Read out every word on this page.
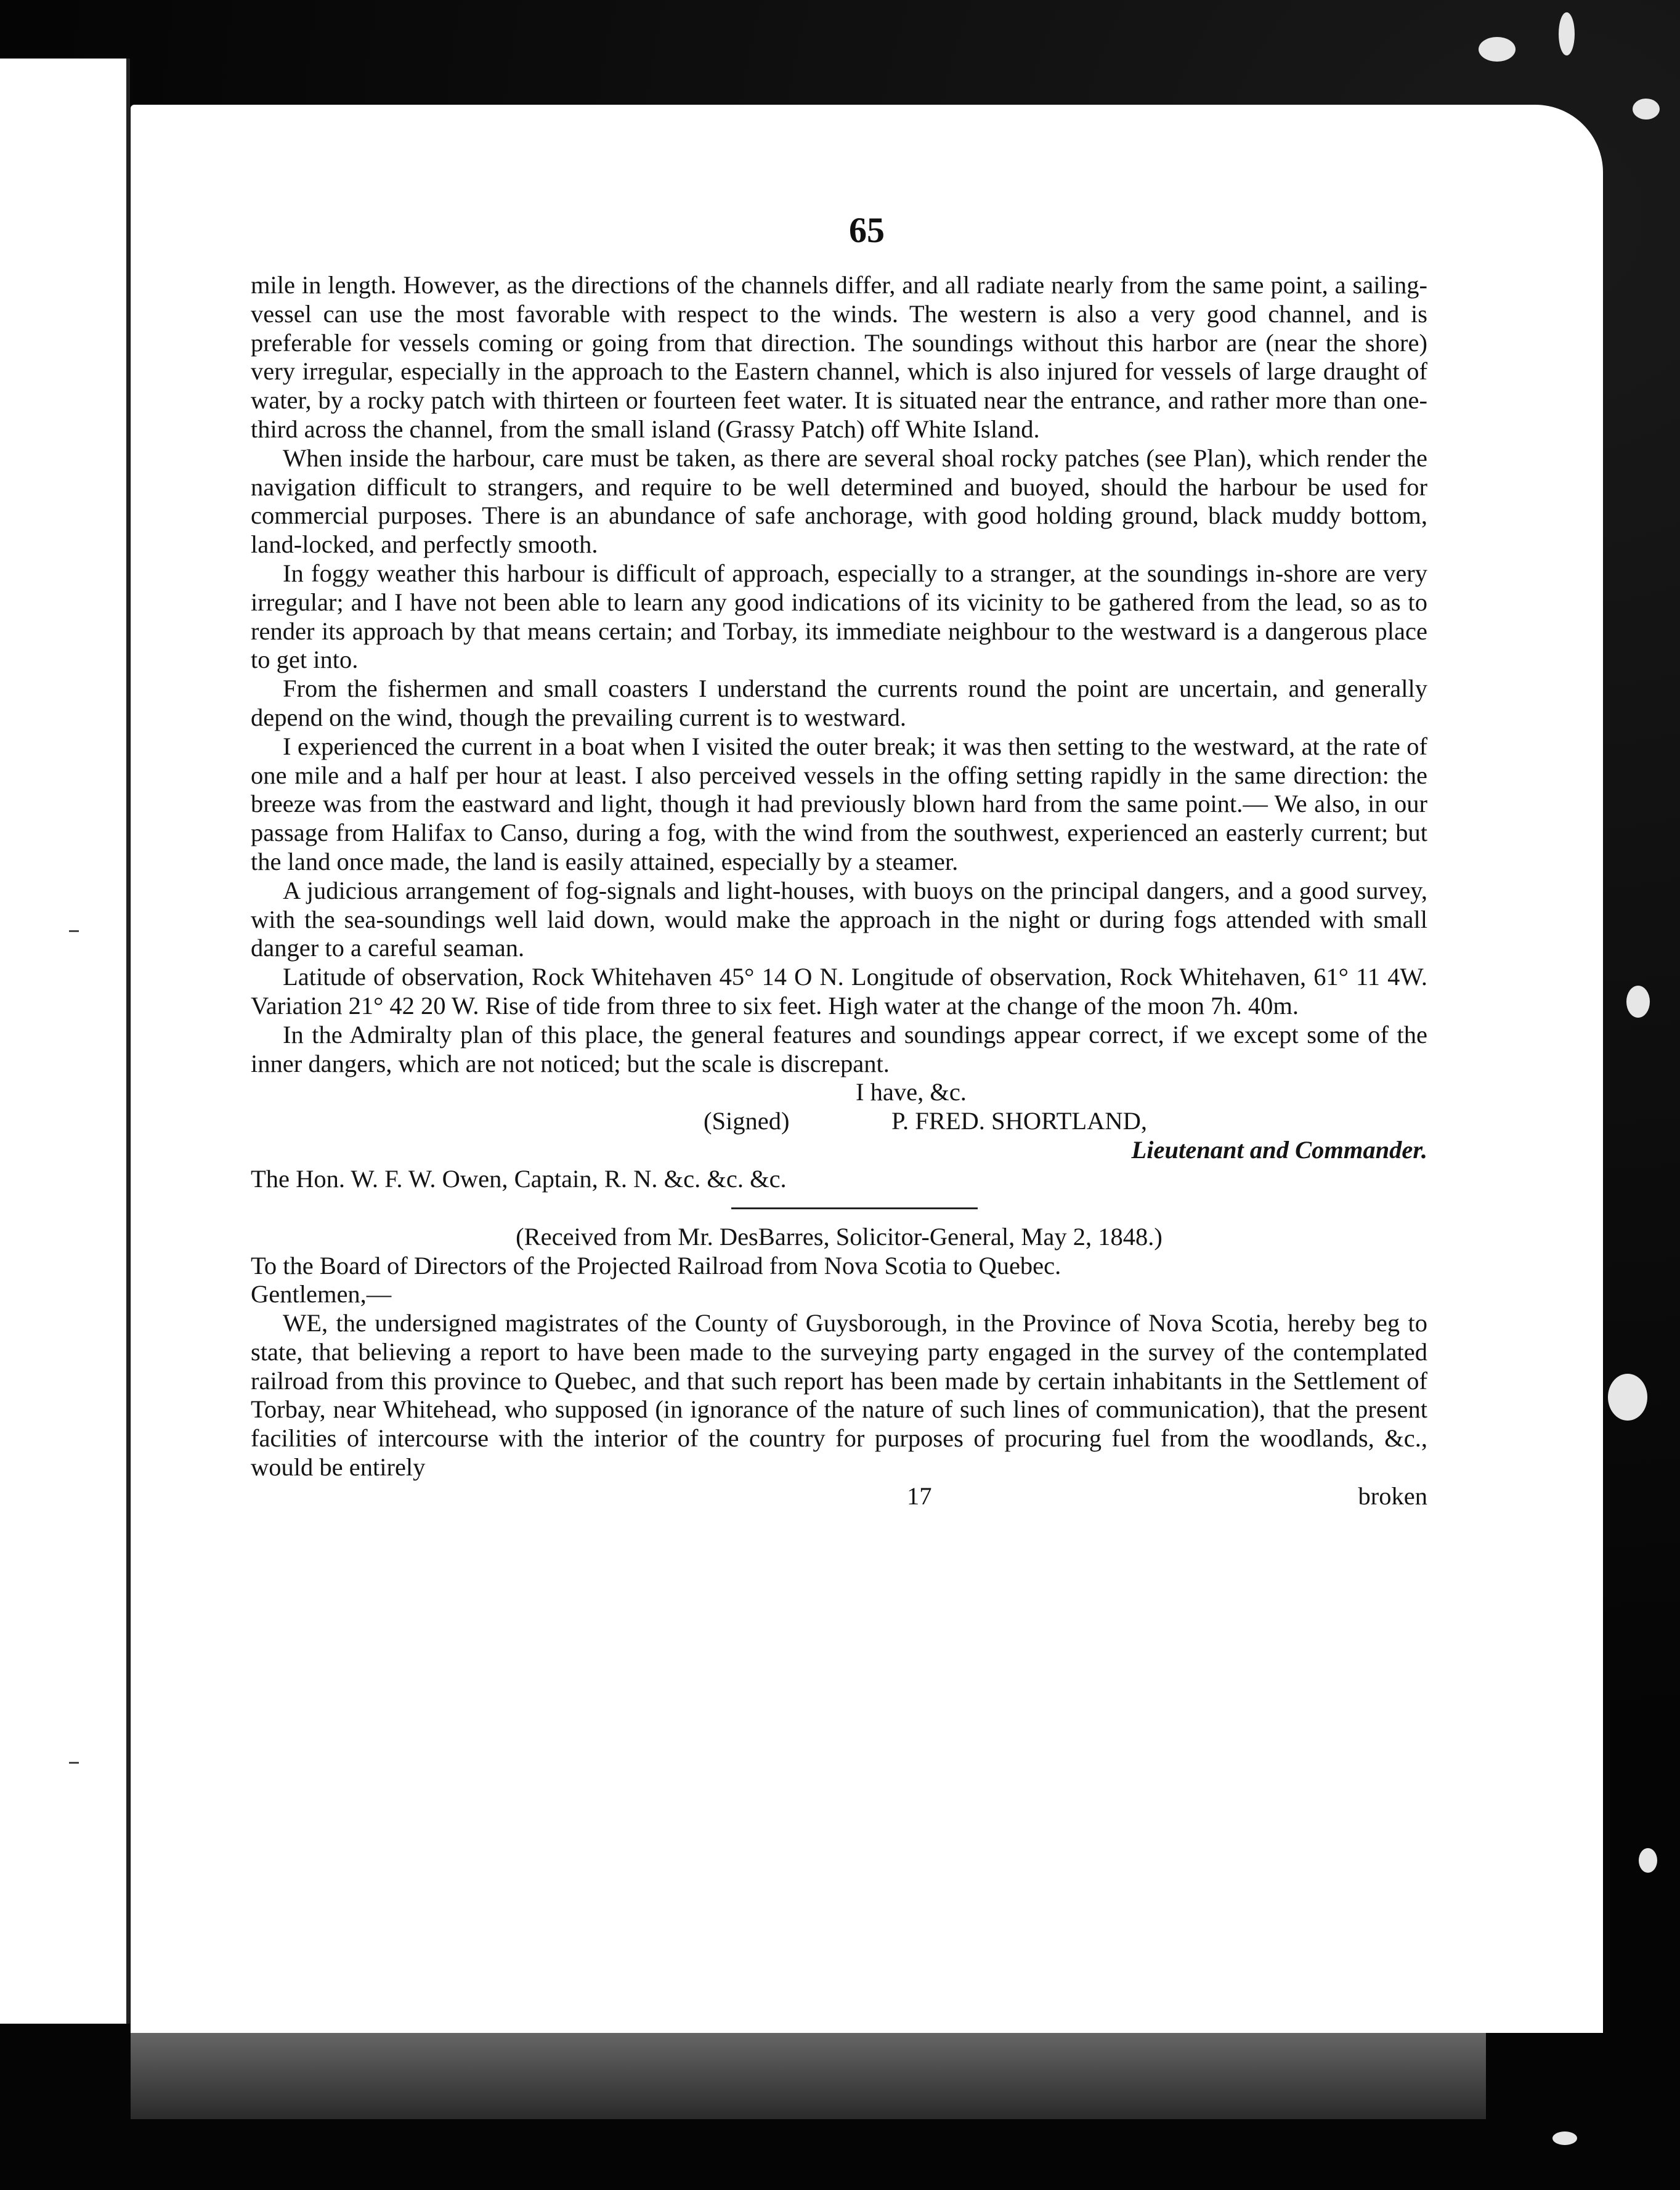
65

mile in length. However, as the directions of the channels differ, and all radiate nearly from the same point, a sailing-vessel can use the most favorable with respect to the winds. The western is also a very good channel, and is preferable for vessels coming or going from that direction. The soundings without this harbor are (near the shore) very irregular, especially in the approach to the Eastern channel, which is also injured for vessels of large draught of water, by a rocky patch with thirteen or fourteen feet water. It is situated near the entrance, and rather more than one-third across the channel, from the small island (Grassy Patch) off White Island.

When inside the harbour, care must be taken, as there are several shoal rocky patches (see Plan), which render the navigation difficult to strangers, and require to be well determined and buoyed, should the harbour be used for commercial purposes. There is an abundance of safe anchorage, with good holding ground, black muddy bottom, land-locked, and perfectly smooth.

In foggy weather this harbour is difficult of approach, especially to a stranger, at the soundings in-shore are very irregular; and I have not been able to learn any good indications of its vicinity to be gathered from the lead, so as to render its approach by that means certain; and Torbay, its immediate neighbour to the westward is a dangerous place to get into.

From the fishermen and small coasters I understand the currents round the point are uncertain, and generally depend on the wind, though the prevailing current is to westward.

I experienced the current in a boat when I visited the outer break; it was then setting to the westward, at the rate of one mile and a half per hour at least. I also perceived vessels in the offing setting rapidly in the same direction: the breeze was from the eastward and light, though it had previously blown hard from the same point.— We also, in our passage from Halifax to Canso, during a fog, with the wind from the southwest, experienced an easterly current; but the land once made, the land is easily attained, especially by a steamer.

A judicious arrangement of fog-signals and light-houses, with buoys on the principal dangers, and a good survey, with the sea-soundings well laid down, would make the approach in the night or during fogs attended with small danger to a careful seaman.

Latitude of observation, Rock Whitehaven 45° 14 O N. Longitude of observation, Rock Whitehaven, 61° 11 4W. Variation 21° 42 20 W. Rise of tide from three to six feet. High water at the change of the moon 7h. 40m.

In the Admiralty plan of this place, the general features and soundings appear correct, if we except some of the inner dangers, which are not noticed; but the scale is discrepant.

I have, &c.

(Signed)	P. FRED. SHORTLAND,

Lieutenant and Commander.

The Hon. W. F. W. Owen, Captain, R. N. &c. &c. &c.

(Received from Mr. DesBarres, Solicitor-General, May 2, 1848.)

To the Board of Directors of the Projected Railroad from Nova Scotia to Quebec.

Gentlemen,—

WE, the undersigned magistrates of the County of Guysborough, in the Province of Nova Scotia, hereby beg to state, that believing a report to have been made to the surveying party engaged in the survey of the contemplated railroad from this province to Quebec, and that such report has been made by certain inhabitants in the Settlement of Torbay, near Whitehead, who supposed (in ignorance of the nature of such lines of communication), that the present facilities of intercourse with the interior of the country for purposes of procuring fuel from the woodlands, &c., would be entirely

17	broken
